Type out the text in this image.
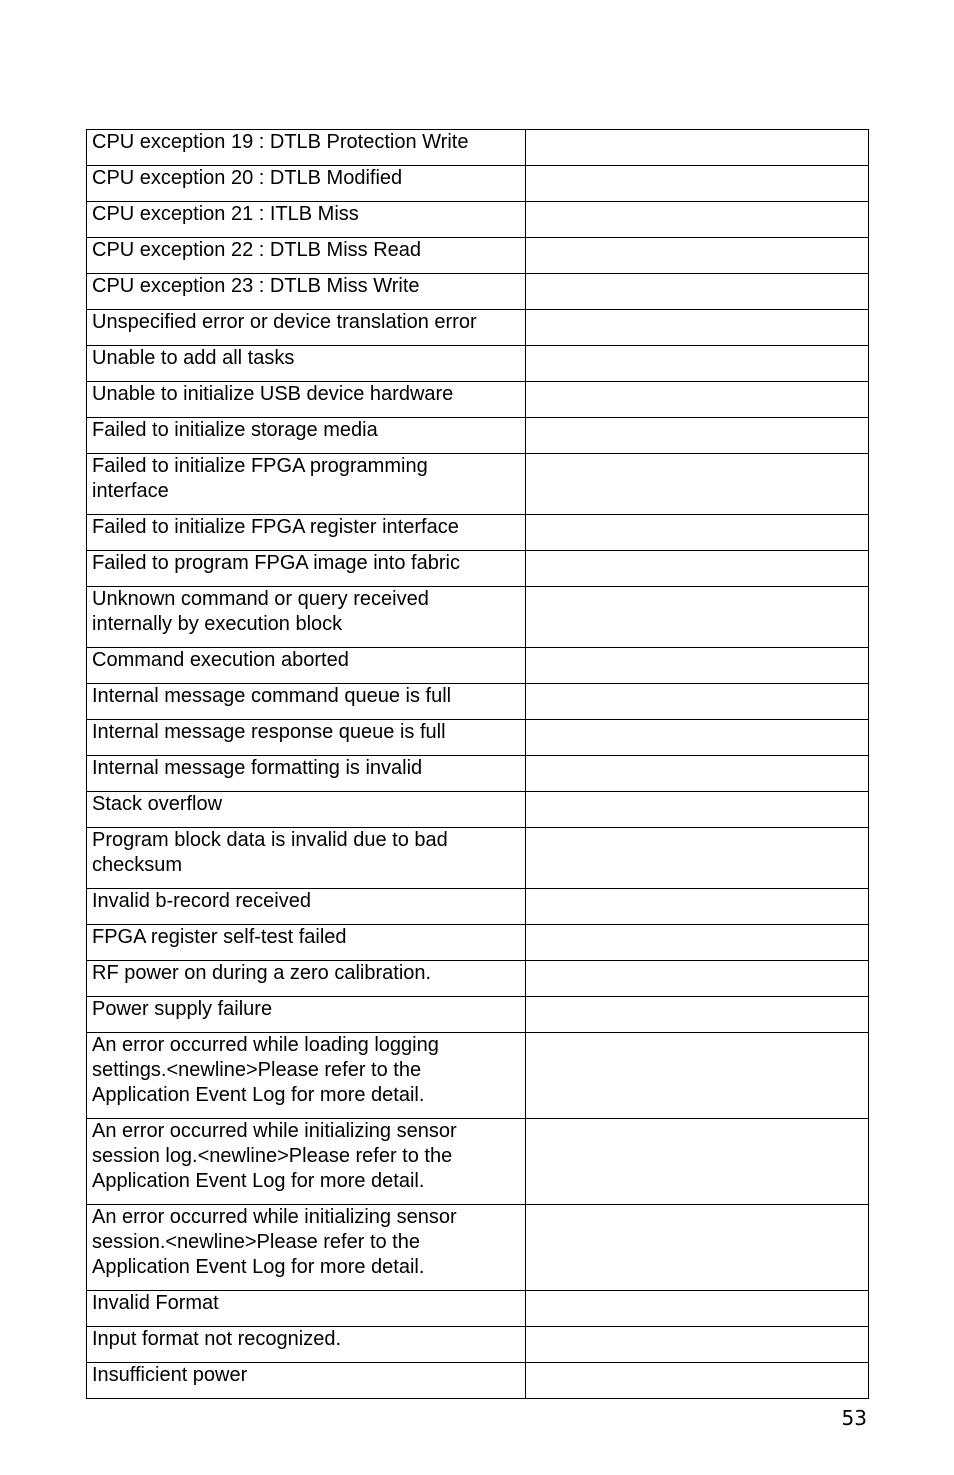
CPU exception 19 : DTLB Protection Write	
CPU exception 20 : DTLB Modified	
CPU exception 21 : ITLB Miss	
CPU exception 22 : DTLB Miss Read	
CPU exception 23 : DTLB Miss Write	
Unspecified error or device translation error	
Unable to add all tasks	
Unable to initialize USB device hardware	
Failed to initialize storage media	
Failed to initialize FPGA programming
interface	
Failed to initialize FPGA register interface	
Failed to program FPGA image into fabric	
Unknown command or query received
internally by execution block	
Command execution aborted	
Internal message command queue is full	
Internal message response queue is full	
Internal message formatting is invalid	
Stack overflow	
Program block data is invalid due to bad
checksum	
Invalid b-record received	
FPGA register self-test failed	
RF power on during a zero calibration.	
Power supply failure	
An error occurred while loading logging
settings.<newline>Please refer to the
Application Event Log for more detail.	
An error occurred while initializing sensor
session log.<newline>Please refer to the
Application Event Log for more detail.	
An error occurred while initializing sensor
session.<newline>Please refer to the
Application Event Log for more detail.	
Invalid Format	
Input format not recognized.	
Insufficient power	
53
